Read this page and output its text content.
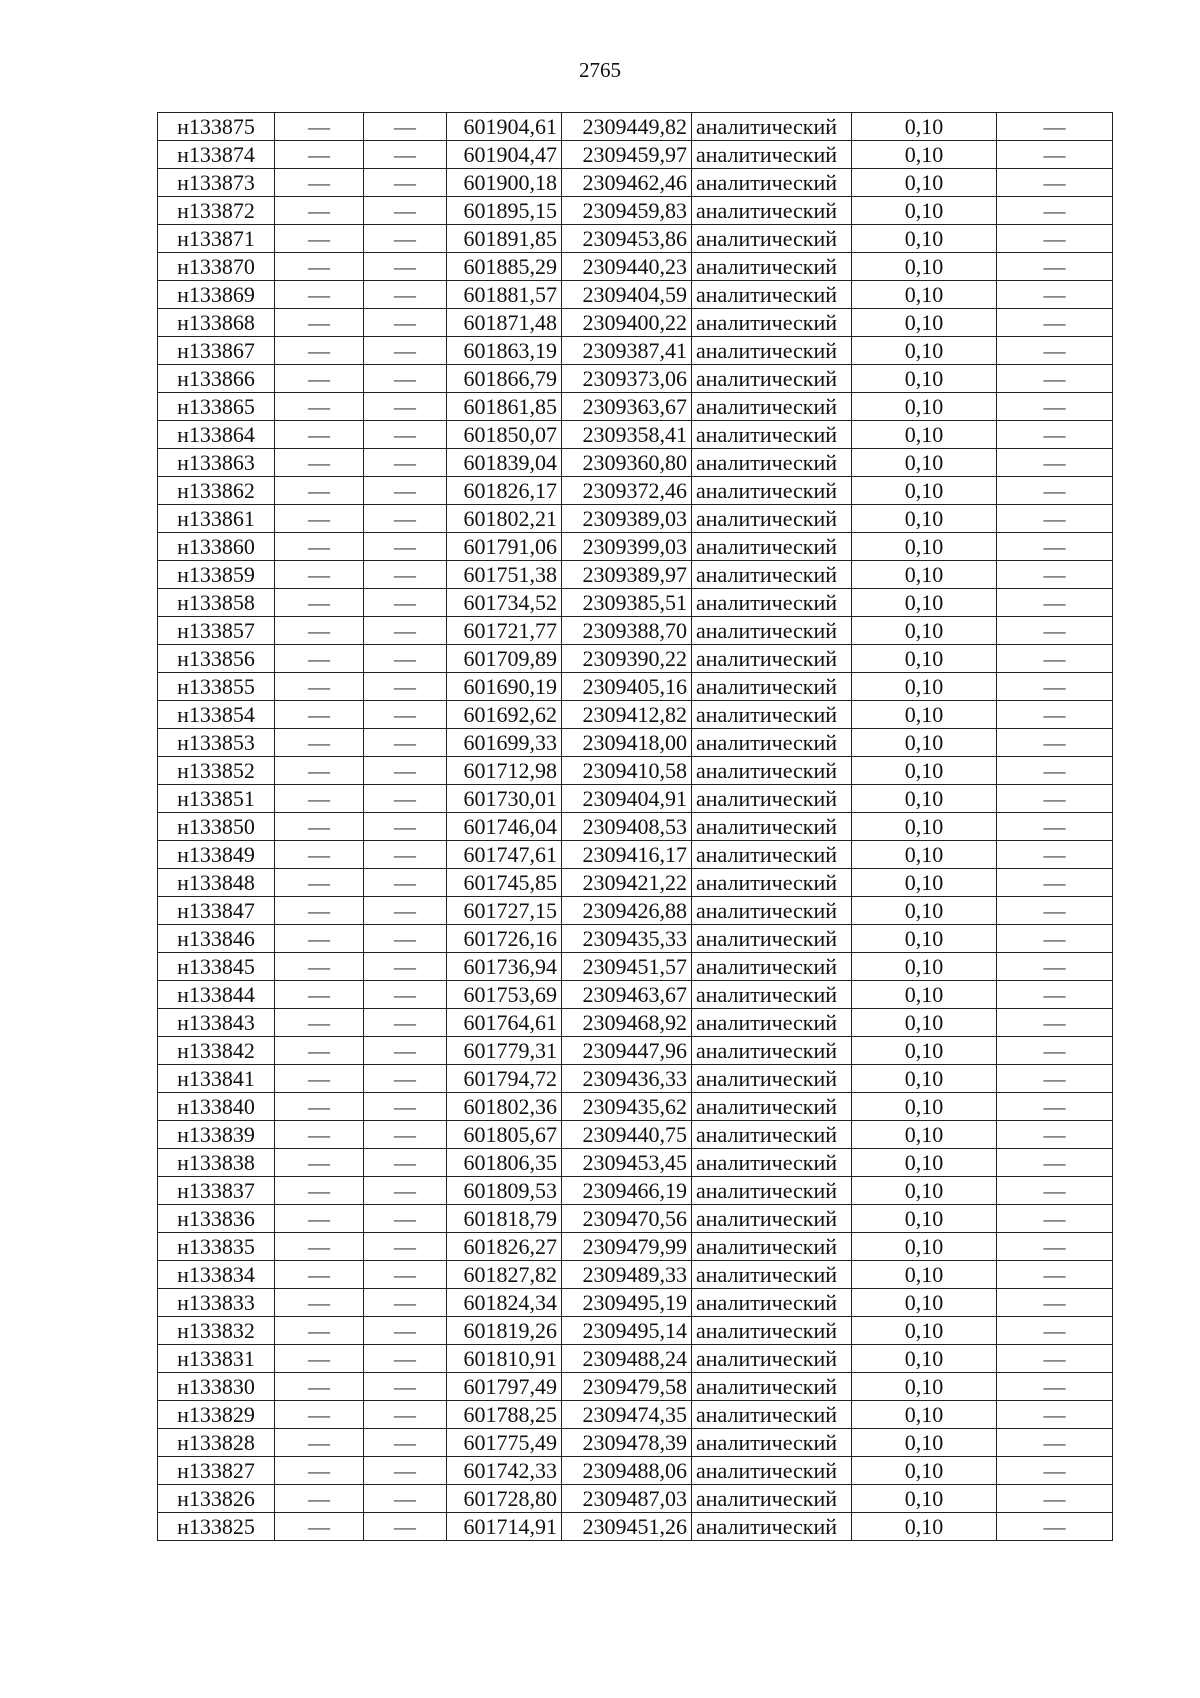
2765
н133875	—	—	601904,61	2309449,82	аналитический	0,10	—
н133874	—	—	601904,47	2309459,97	аналитический	0,10	—
н133873	—	—	601900,18	2309462,46	аналитический	0,10	—
н133872	—	—	601895,15	2309459,83	аналитический	0,10	—
н133871	—	—	601891,85	2309453,86	аналитический	0,10	—
н133870	—	—	601885,29	2309440,23	аналитический	0,10	—
н133869	—	—	601881,57	2309404,59	аналитический	0,10	—
н133868	—	—	601871,48	2309400,22	аналитический	0,10	—
н133867	—	—	601863,19	2309387,41	аналитический	0,10	—
н133866	—	—	601866,79	2309373,06	аналитический	0,10	—
н133865	—	—	601861,85	2309363,67	аналитический	0,10	—
н133864	—	—	601850,07	2309358,41	аналитический	0,10	—
н133863	—	—	601839,04	2309360,80	аналитический	0,10	—
н133862	—	—	601826,17	2309372,46	аналитический	0,10	—
н133861	—	—	601802,21	2309389,03	аналитический	0,10	—
н133860	—	—	601791,06	2309399,03	аналитический	0,10	—
н133859	—	—	601751,38	2309389,97	аналитический	0,10	—
н133858	—	—	601734,52	2309385,51	аналитический	0,10	—
н133857	—	—	601721,77	2309388,70	аналитический	0,10	—
н133856	—	—	601709,89	2309390,22	аналитический	0,10	—
н133855	—	—	601690,19	2309405,16	аналитический	0,10	—
н133854	—	—	601692,62	2309412,82	аналитический	0,10	—
н133853	—	—	601699,33	2309418,00	аналитический	0,10	—
н133852	—	—	601712,98	2309410,58	аналитический	0,10	—
н133851	—	—	601730,01	2309404,91	аналитический	0,10	—
н133850	—	—	601746,04	2309408,53	аналитический	0,10	—
н133849	—	—	601747,61	2309416,17	аналитический	0,10	—
н133848	—	—	601745,85	2309421,22	аналитический	0,10	—
н133847	—	—	601727,15	2309426,88	аналитический	0,10	—
н133846	—	—	601726,16	2309435,33	аналитический	0,10	—
н133845	—	—	601736,94	2309451,57	аналитический	0,10	—
н133844	—	—	601753,69	2309463,67	аналитический	0,10	—
н133843	—	—	601764,61	2309468,92	аналитический	0,10	—
н133842	—	—	601779,31	2309447,96	аналитический	0,10	—
н133841	—	—	601794,72	2309436,33	аналитический	0,10	—
н133840	—	—	601802,36	2309435,62	аналитический	0,10	—
н133839	—	—	601805,67	2309440,75	аналитический	0,10	—
н133838	—	—	601806,35	2309453,45	аналитический	0,10	—
н133837	—	—	601809,53	2309466,19	аналитический	0,10	—
н133836	—	—	601818,79	2309470,56	аналитический	0,10	—
н133835	—	—	601826,27	2309479,99	аналитический	0,10	—
н133834	—	—	601827,82	2309489,33	аналитический	0,10	—
н133833	—	—	601824,34	2309495,19	аналитический	0,10	—
н133832	—	—	601819,26	2309495,14	аналитический	0,10	—
н133831	—	—	601810,91	2309488,24	аналитический	0,10	—
н133830	—	—	601797,49	2309479,58	аналитический	0,10	—
н133829	—	—	601788,25	2309474,35	аналитический	0,10	—
н133828	—	—	601775,49	2309478,39	аналитический	0,10	—
н133827	—	—	601742,33	2309488,06	аналитический	0,10	—
н133826	—	—	601728,80	2309487,03	аналитический	0,10	—
н133825	—	—	601714,91	2309451,26	аналитический	0,10	—
